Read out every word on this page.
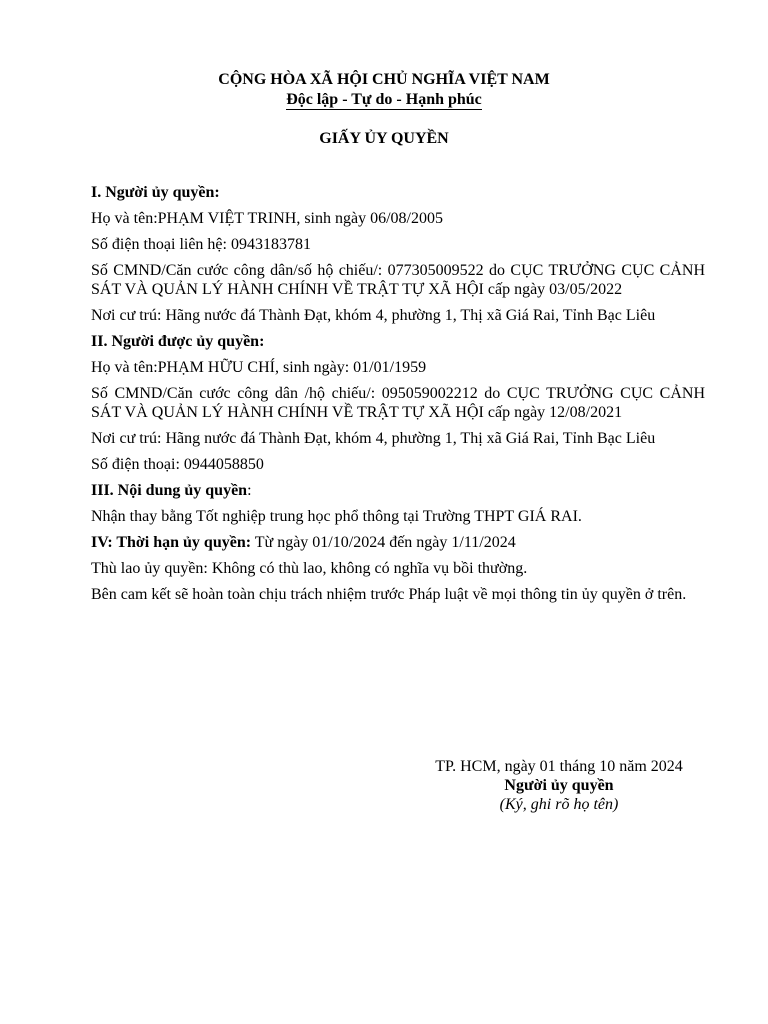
CỘNG HÒA XÃ HỘI CHỦ NGHĨA VIỆT NAM
Độc lập - Tự do - Hạnh phúc
GIẤY ỦY QUYỀN

I. Người ủy quyền:

Họ và tên:PHẠM VIỆT TRINH, sinh ngày 06/08/2005

Số điện thoại liên hệ: 0943183781

Số CMND/Căn cước công dân/số hộ chiếu/: 077305009522 do CỤC TRƯỞNG CỤC CẢNH SÁT VÀ QUẢN LÝ HÀNH CHÍNH VỀ TRẬT TỰ XÃ HỘI cấp ngày 03/05/2022

Nơi cư trú: Hãng nước đá Thành Đạt, khóm 4, phường 1, Thị xã Giá Rai, Tỉnh Bạc Liêu

II. Người được ủy quyền:

Họ và tên:PHẠM HỮU CHÍ, sinh ngày: 01/01/1959

Số CMND/Căn cước công dân /hộ chiếu/: 095059002212 do CỤC TRƯỞNG CỤC CẢNH SÁT VÀ QUẢN LÝ HÀNH CHÍNH VỀ TRẬT TỰ XÃ HỘI cấp ngày 12/08/2021

Nơi cư trú: Hãng nước đá Thành Đạt, khóm 4, phường 1, Thị xã Giá Rai, Tỉnh Bạc Liêu

Số điện thoại: 0944058850

III. Nội dung ủy quyền:

Nhận thay bằng Tốt nghiệp trung học phổ thông tại Trường THPT GIÁ RAI.

IV: Thời hạn ủy quyền: Từ ngày 01/10/2024 đến ngày 1/11/2024

Thù lao ủy quyền: Không có thù lao, không có nghĩa vụ bồi thường.

Bên cam kết sẽ hoàn toàn chịu trách nhiệm trước Pháp luật về mọi thông tin ủy quyền ở trên.

TP. HCM, ngày 01 tháng 10 năm 2024
Người ủy quyền
(Ký, ghi rõ họ tên)
